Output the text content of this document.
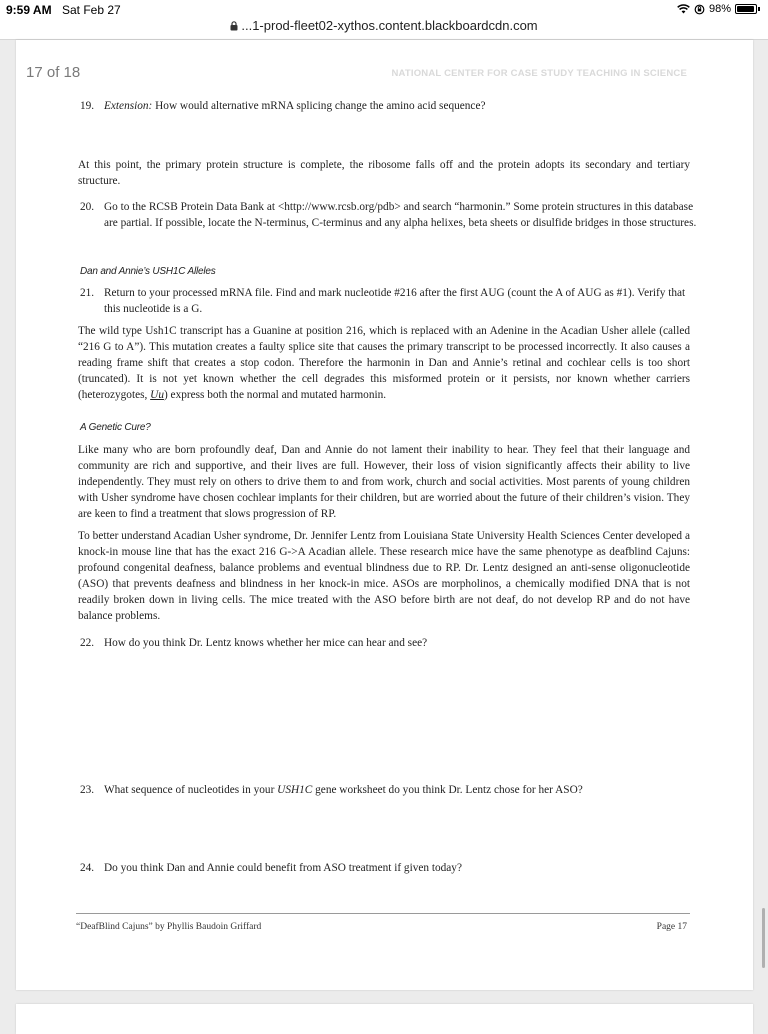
9:59 AM Sat Feb 27	98%
...1-prod-fleet02-xythos.content.blackboardcdn.com
17 of 18	NATIONAL CENTER FOR CASE STUDY TEACHING IN SCIENCE
19. Extension: How would alternative mRNA splicing change the amino acid sequence?
At this point, the primary protein structure is complete, the ribosome falls off and the protein adopts its secondary and tertiary structure.
20. Go to the RCSB Protein Data Bank at <http://www.rcsb.org/pdb> and search “harmonin.” Some protein structures in this database are partial. If possible, locate the N-terminus, C-terminus and any alpha helixes, beta sheets or disulfide bridges in those structures.
Dan and Annie’s USH1C Alleles
21. Return to your processed mRNA file. Find and mark nucleotide #216 after the first AUG (count the A of AUG as #1). Verify that this nucleotide is a G.
The wild type Ush1C transcript has a Guanine at position 216, which is replaced with an Adenine in the Acadian Usher allele (called “216 G to A”). This mutation creates a faulty splice site that causes the primary transcript to be processed incorrectly. It also causes a reading frame shift that creates a stop codon. Therefore the harmonin in Dan and Annie’s retinal and cochlear cells is too short (truncated). It is not yet known whether the cell degrades this misformed protein or it persists, nor known whether carriers (heterozygotes, Uu) express both the normal and mutated harmonin.
A Genetic Cure?
Like many who are born profoundly deaf, Dan and Annie do not lament their inability to hear. They feel that their language and community are rich and supportive, and their lives are full. However, their loss of vision significantly affects their ability to live independently. They must rely on others to drive them to and from work, church and social activities. Most parents of young children with Usher syndrome have chosen cochlear implants for their children, but are worried about the future of their children’s vision. They are keen to find a treatment that slows progression of RP.
To better understand Acadian Usher syndrome, Dr. Jennifer Lentz from Louisiana State University Health Sciences Center developed a knock-in mouse line that has the exact 216 G->A Acadian allele. These research mice have the same phenotype as deafblind Cajuns: profound congenital deafness, balance problems and eventual blindness due to RP. Dr. Lentz designed an anti-sense oligonucleotide (ASO) that prevents deafness and blindness in her knock-in mice. ASOs are morpholinos, a chemically modified DNA that is not readily broken down in living cells. The mice treated with the ASO before birth are not deaf, do not develop RP and do not have balance problems.
22. How do you think Dr. Lentz knows whether her mice can hear and see?
23. What sequence of nucleotides in your USH1C gene worksheet do you think Dr. Lentz chose for her ASO?
24. Do you think Dan and Annie could benefit from ASO treatment if given today?
“DeafBlind Cajuns” by Phyllis Baudoin Griffard	Page 17
